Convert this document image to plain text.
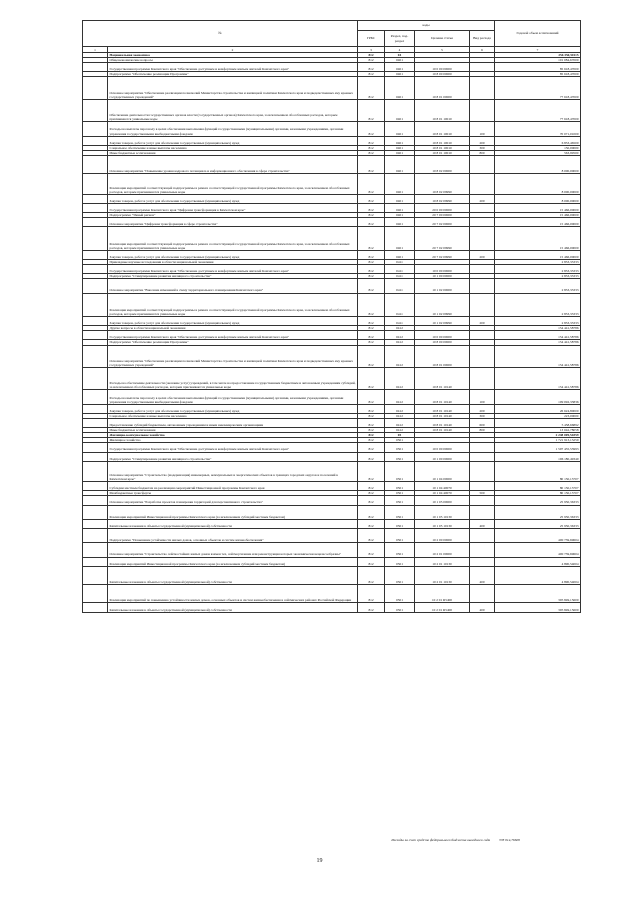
№		коды				Годовой объем ассигнований
		ГРБС	Раздел, под-раздел	Целевая статья	Вид расхода	
1	2	3	4	5	6	7
	Национальная экономика	812	04			256 350,50115
	Общеэкономические вопросы	812	0401			101 084,67000
	Государственная программа Камчатского края "Обеспечение доступным и комфортным жильем жителей Камчатского края"	812	0401	10 0 00 00000		85 618,47000
	Подпрограмма "Обеспечение реализации Программы"	812	0401	10 8 00 00000		85 618,47000
	Основное мероприятие "Обеспечение реализации полномочий Министерства строительства и жилищной политики Камчатского края и подведомственных ему краевых государственных учреждений"	812	0401	10 8 01 00000		77 618,47000
	Обеспечение деятельности государственных органов власти (государственных органов) Камчатского края, за исключением обособленных расходов, которым присваиваются уникальные коды	812	0401	10 8 01 10010		77 618,47000
	Расходы на выплаты персоналу в целях обеспечения выполнения функций государственными (муниципальными) органами, казенными учреждениями, органами управления государственными внебюджетными фондами	812	0401	10 8 01 10010	100	70 071,01000
	Закупка товаров, работ и услуг для обеспечения государственных (муниципальных) нужд	812	0401	10 8 01 10010	200	6 833,46500
	Социальное обеспечение и иные выплаты населению	812	0401	10 8 01 10010	300	150,00000
	Иные бюджетные ассигнования	812	0401	10 8 01 10010	800	563,99500
	Основное мероприятие "Повышение уровня кадрового потенциала и информационного обеспечения в сфере строительства"	812	0401	10 8 02 00000		8 000,00000
	Реализация мероприятий соответствующей подпрограммы в рамках соответствующей государственной программы Камчатского края, за исключением обособленных расходов, которым присваиваются уникальные коды	812	0401	10 8 02 09990		8 000,00000
	Закупка товаров, работ и услуг для обеспечения государственных (муниципальных) нужд	812	0401	10 8 02 09990	200	8 000,00000
	Государственная программа Камчатского края "Цифровая трансформация в Камчатском крае"	812	0401	20 0 00 00000		15 466,00000
	Подпрограмма "Умный регион"	812	0401	20 7 00 00000		15 466,00000
	Основное мероприятие "Цифровая трансформация в сфере строительства"	812	0401	20 7 02 00000		15 466,00000
	Реализация мероприятий соответствующей подпрограммы в рамках соответствующей государственной программы Камчатского края, за исключением обособленных расходов, которым присваиваются уникальные коды	812	0401	20 7 02 09990		15 466,00000
	Закупка товаров, работ и услуг для обеспечения государственных (муниципальных) нужд	812	0401	20 7 02 09990	200	15 466,00000
	Прикладные научные исследования в области национальной экономики	812	0411			2 833,33333
	Государственная программа Камчатского края "Обеспечение доступным и комфортным жильем жителей Камчатского края"	812	0411	10 0 00 00000		2 833,33333
	Подпрограмма "Стимулирование развития жилищного строительства"	812	0411	10 1 00 00000		2 833,33333
	Основное мероприятие "Внесение изменений в схему территориального планирования Камчатского края"	812	0411	10 1 02 00000		2 833,33333
	Реализация мероприятий соответствующей подпрограммы в рамках соответствующей государственной программы Камчатского края, за исключением обособленных расходов, которым присваиваются уникальные коды	812	0411	10 1 02 09990		2 833,33333
	Закупка товаров, работ и услуг для обеспечения государственных (муниципальных) нужд	812	0411	10 1 02 09990	200	2 833,33333
	Другие вопросы в области национальной экономики	812	0412			154 441,58786
	Государственная программа Камчатского края "Обеспечение доступным и комфортным жильем жителей Камчатского края"	812	0412	10 0 00 00000		154 441,58786
	Подпрограмма "Обеспечение реализации Программы"	812	0412	10 8 00 00000		154 441,58786
	Основное мероприятие "Обеспечение реализации полномочий Министерства строительства и жилищной политики Камчатского края и подведомственных ему краевых государственных учреждений"	812	0412	10 8 01 00000		154 441,58786
	Расходы на обеспечение деятельности (оказание услуг) учреждений, в том числе на предоставление государственным бюджетным и автономным учреждениям субсидий, за исключением обособленных расходов, которым присваиваются уникальные коды	812	0412	10 8 01 10140		154 441,58786
	Расходы на выплаты персоналу в целях обеспечения выполнения функций государственными (муниципальными) органами, казенными учреждениями, органами управления государственными внебюджетными фондами	812	0412	10 8 01 10140	100	109 092,33836
	Закупка товаров, работ и услуг для обеспечения государственных (муниципальных) нужд	812	0412	10 8 01 10140	200	26 624,80000
	Социальное обеспечение и иные выплаты населению	812	0412	10 8 01 10140	300	223,00000
	Предоставление субсидий бюджетным, автономным учреждениям и иным некоммерческим организациям	812	0412	10 8 01 10140	600	5 458,66892
	Иные бюджетные ассигнования	812	0412	10 8 01 10140	800	13 042,78058
	Жилищно-коммунальное хозяйство	812	05			2 248 009,51859
	Жилищное хозяйство	812	0501			1 721 913,13259
	Государственная программа Камчатского края "Обеспечение доступным и комфортным жильем жителей Камчатского края"	812	0501	10 0 00 00000		1 597 435,53993
	Подпрограмма "Стимулирование развития жилищного строительства"	812	0501	10 1 00 00000		196 180,49340
	Основное мероприятие "Строительство (модернизация) инженерных, коммунальных и энергетических объектов в границах городских округов и поселений в Камчатском крае"	812	0501	10 1 04 00000		80 150,13707
	Субсидии местным бюджетам на реализацию мероприятий Инвестиционной программы Камчатского края	812	0501	10 1 04 40070		80 150,13707
	Межбюджетные трансферты	812	0501	10 1 04 40070	500	80 150,13707
	Основное мероприятие "Разработка проектов планировки территорий для перспективного строительства"	812	0501	10 1 05 00000		25 950,36333
	Реализация мероприятий Инвестиционной программы Камчатского края (за исключением субсидий местным бюджетам)	812	0501	10 1 05 10130		25 950,36333
	Капитальные вложения в объекты государственной (муниципальной) собственности	812	0501	10 1 05 10130	400	25 950,36333
	Подпрограмма "Повышение устойчивости жилых домов, основных объектов и систем жизнеобеспечения"	812	0501	10 2 00 00000		400 739,69604
	Основное мероприятие "Строительство сейсмостойких жилых домов взамен тех, сейсмоусиление или реконструкция которых экономически нецелесообразны"	812	0501	10 2 01 00000		400 739,69604
	Реализация мероприятий Инвестиционной программы Камчатского края (за исключением субсидий местным бюджетам)	812	0501	10 2 01 10130		4 890,54004
	Капитальные вложения в объекты государственной (муниципальной) собственности	812	0501	10 2 01 10130	400	4 890,54004
	Реализация мероприятий по повышению устойчивости жилых домов, основных объектов и систем жизнеобеспечения в сейсмических районах Российской Федерации	812	0501	10 2 01 R5400		395 849,15600
	Капитальные вложения в объекты государственной (муниципальной) собственности	812	0501	10 2 01 R5400	400	395 849,15600
Расходы за счет средств федерального бюджета выходного года	378 014,76600
19
